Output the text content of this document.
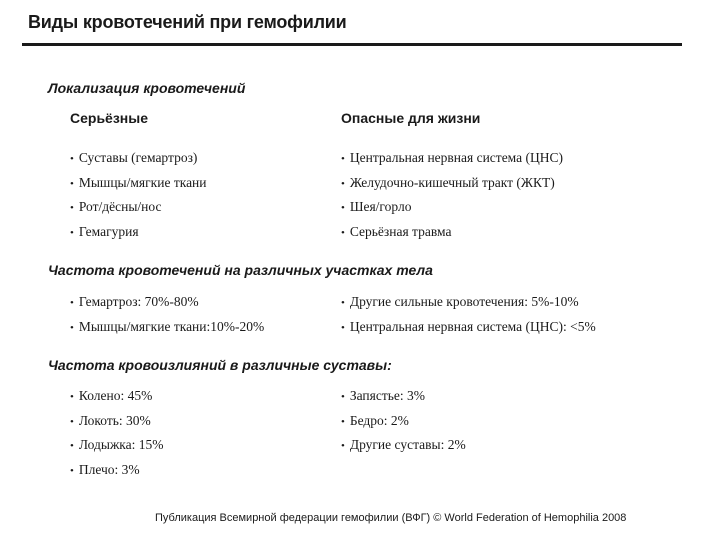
Виды кровотечений при гемофилии
Локализация кровотечений
Серьёзные	Опасные для жизни
• Суставы (гемартроз)
• Мышцы/мягкие ткани
• Рот/дёсны/нос
• Гемагурия
• Центральная нервная система (ЦНС)
• Желудочно-кишечный тракт (ЖКТ)
• Шея/горло
• Серьёзная травма
Частота кровотечений на различных участках тела
• Гемартроз: 70%-80%
• Мышцы/мягкие ткани:10%-20%
• Другие сильные кровотечения: 5%-10%
• Центральная нервная система (ЦНС): <5%
Частота кровоизлияний в различные суставы:
• Колено: 45%
• Локоть: 30%
• Лодыжка: 15%
• Плечо: 3%
• Запястье: 3%
• Бедро: 2%
• Другие суставы: 2%
Публикация Всемирной федерации гемофилии (ВФГ) © World Federation of Hemophilia 2008
